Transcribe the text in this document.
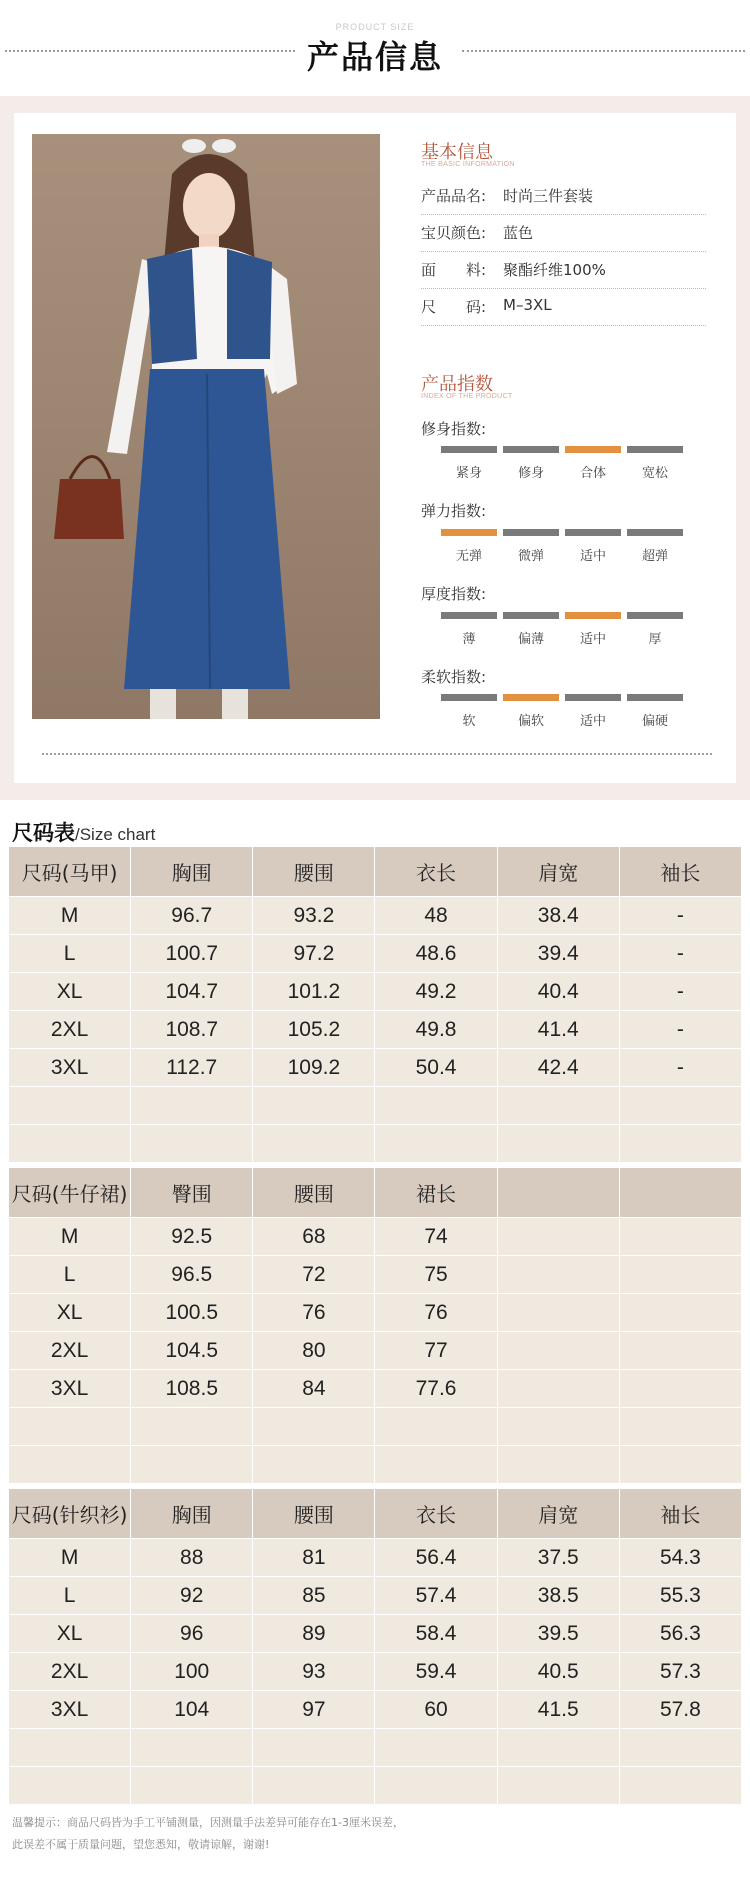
PRODUCT SIZE
产品信息
基本信息
THE BASIC INFORMATION
产品品名:	时尚三件套装
宝贝颜色:	蓝色
面　　料:	聚酯纤维100%
尺　　码:	M–3XL
产品指数
INDEX OF THE PRODUCT
修身指数:
紧身	修身	合体	宽松
弹力指数:
无弹	微弹	适中	超弹
厚度指数:
薄	偏薄	适中	厚
柔软指数:
软	偏软	适中	偏硬
尺码表/Size chart
尺码(马甲)	胸围	腰围	衣长	肩宽	袖长
M	96.7	93.2	48	38.4	-
L	100.7	97.2	48.6	39.4	-
XL	104.7	101.2	49.2	40.4	-
2XL	108.7	105.2	49.8	41.4	-
3XL	112.7	109.2	50.4	42.4	-

尺码(牛仔裙)	臀围	腰围	裙长		
M	92.5	68	74		
L	96.5	72	75		
XL	100.5	76	76		
2XL	104.5	80	77		
3XL	108.5	84	77.6		

尺码(针织衫)	胸围	腰围	衣长	肩宽	袖长
M	88	81	56.4	37.5	54.3
L	92	85	57.4	38.5	55.3
XL	96	89	58.4	39.5	56.3
2XL	100	93	59.4	40.5	57.3
3XL	104	97	60	41.5	57.8

温馨提示：商品尺码皆为手工平铺测量，因测量手法差异可能存在1-3厘米误差，
此误差不属于质量问题，望您悉知，敬请谅解，谢谢!
